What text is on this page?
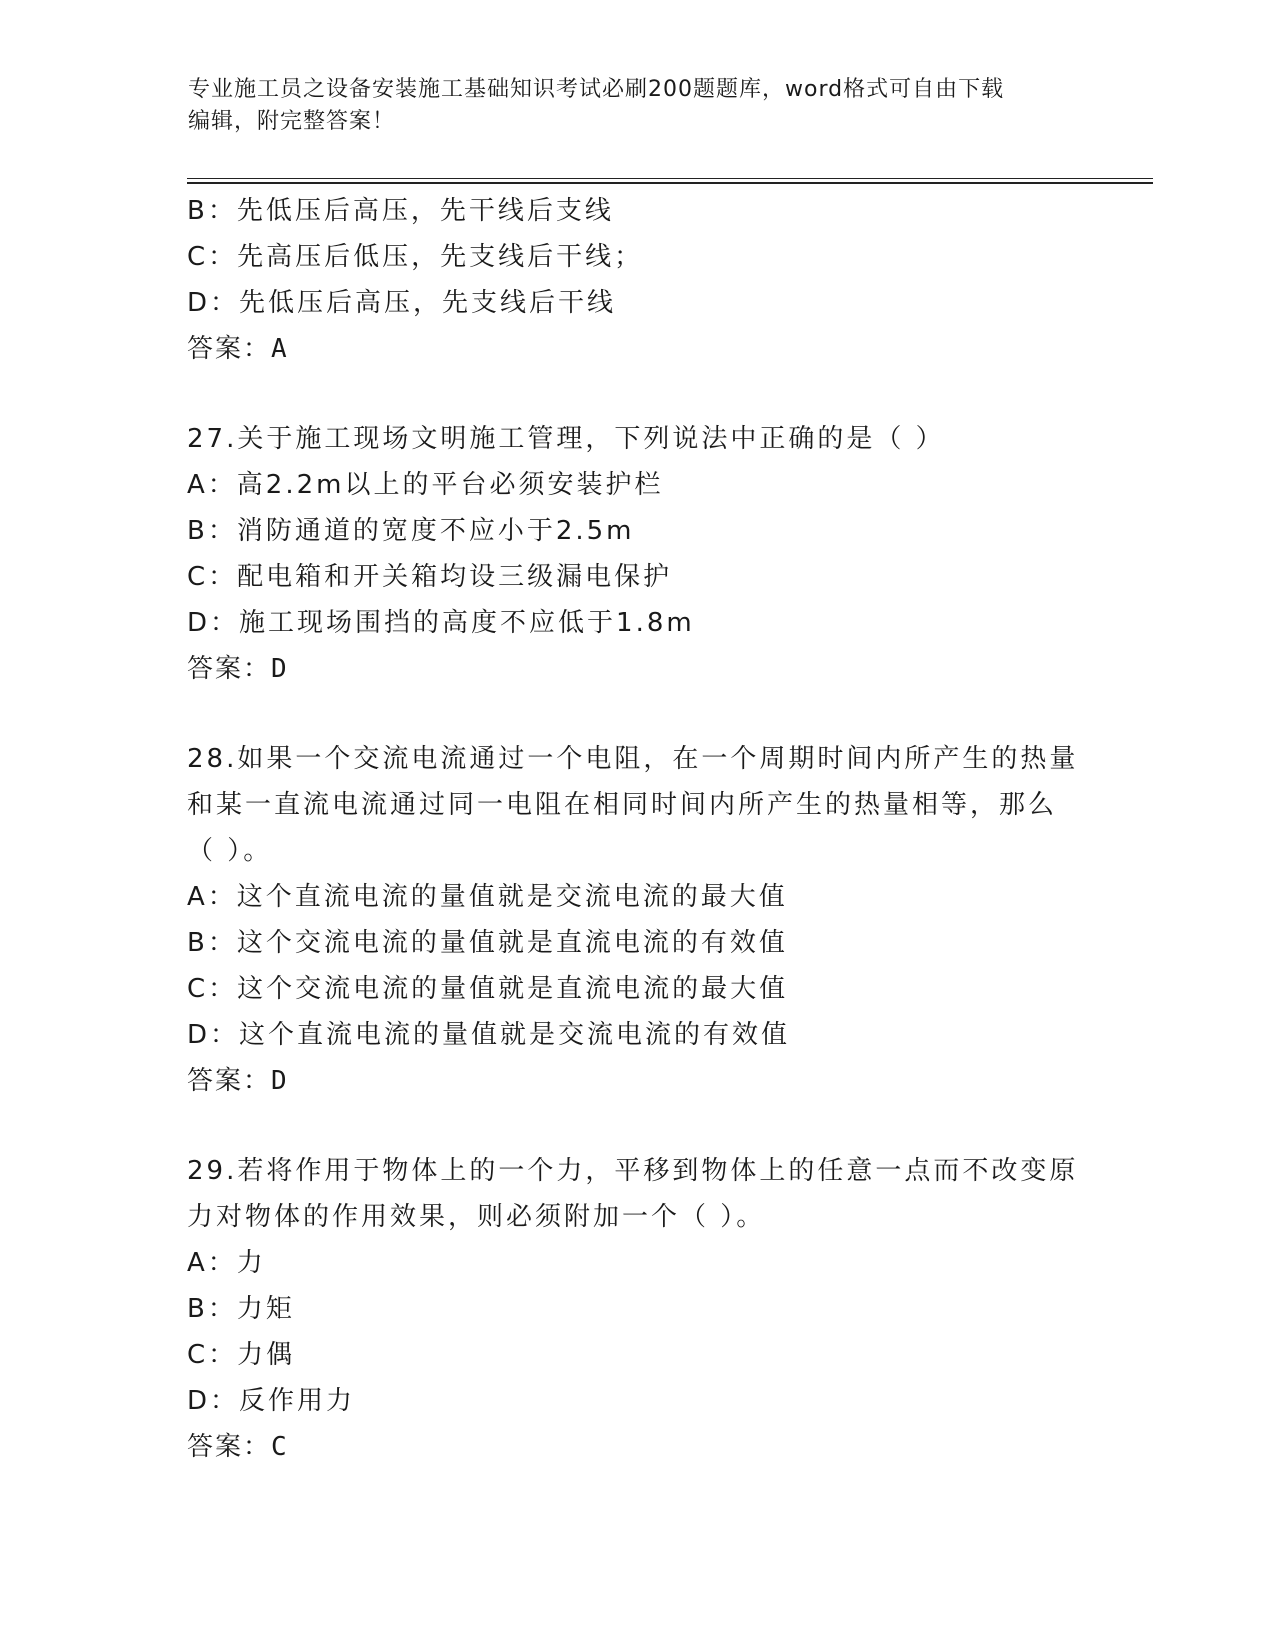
专业施工员之设备安装施工基础知识考试必刷200题题库，word格式可自由下载
编辑，附完整答案！
B：先低压后高压，先干线后支线
C：先高压后低压，先支线后干线；
D：先低压后高压，先支线后干线
答案：A
27.关于施工现场文明施工管理，下列说法中正确的是（ ）
A：高2.2m以上的平台必须安装护栏
B：消防通道的宽度不应小于2.5m
C：配电箱和开关箱均设三级漏电保护
D：施工现场围挡的高度不应低于1.8m
答案：D
28.如果一个交流电流通过一个电阻，在一个周期时间内所产生的热量
和某一直流电流通过同一电阻在相同时间内所产生的热量相等，那么
（ ）。
A：这个直流电流的量值就是交流电流的最大值
B：这个交流电流的量值就是直流电流的有效值
C：这个交流电流的量值就是直流电流的最大值
D：这个直流电流的量值就是交流电流的有效值
答案：D
29.若将作用于物体上的一个力，平移到物体上的任意一点而不改变原
力对物体的作用效果，则必须附加一个（ ）。
A：力
B：力矩
C：力偶
D：反作用力
答案：C
